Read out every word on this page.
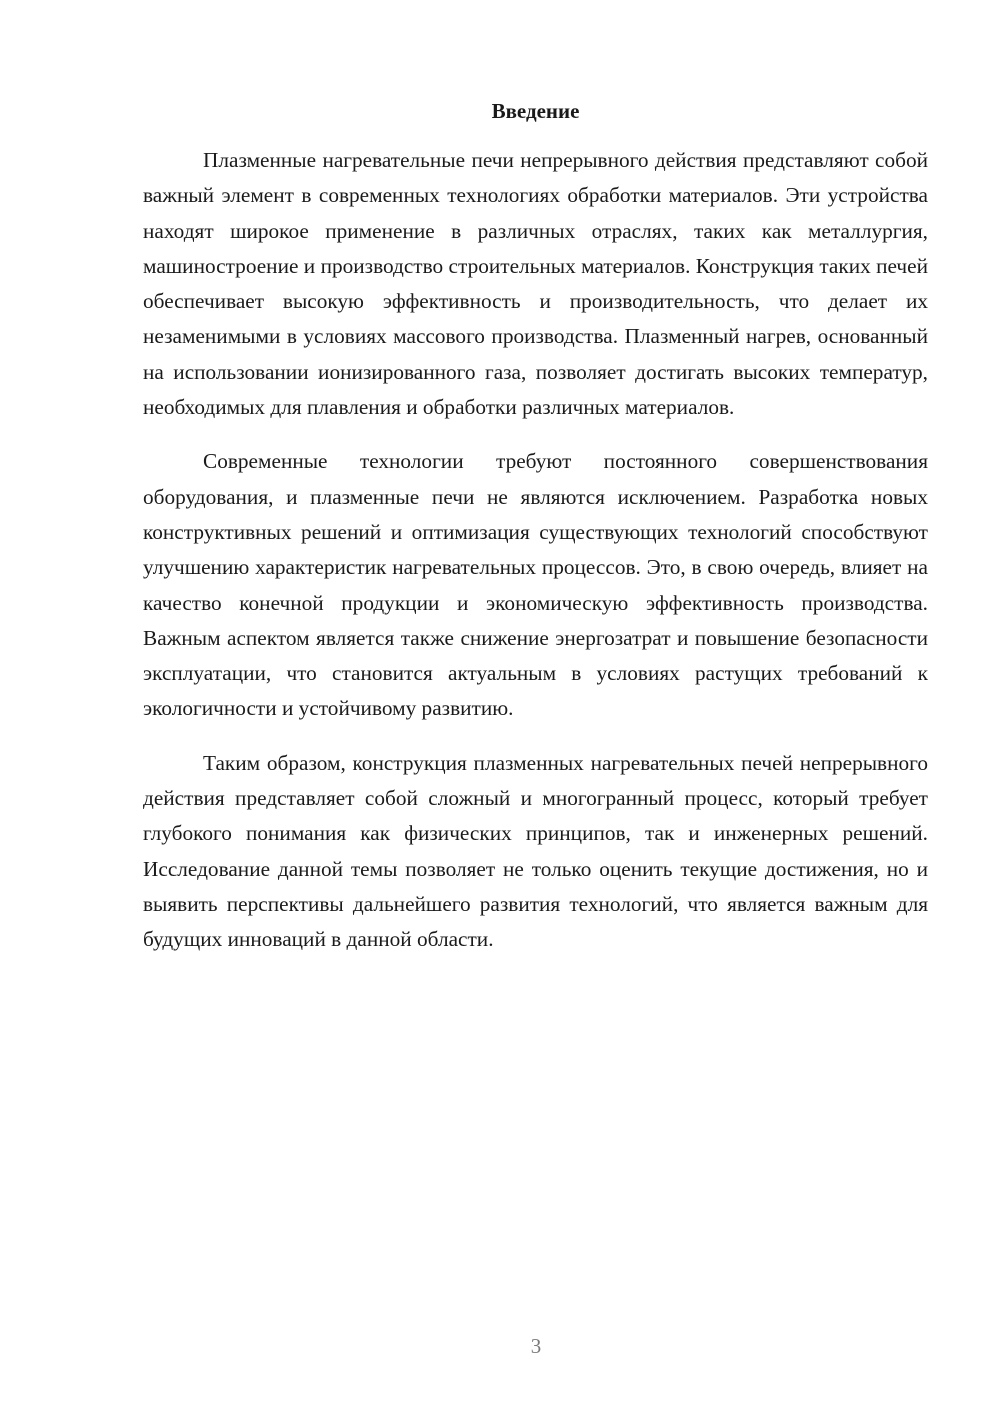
Введение

Плазменные нагревательные печи непрерывного действия представляют собой важный элемент в современных технологиях обработки материалов. Эти устройства находят широкое применение в различных отраслях, таких как металлургия, машиностроение и производство строительных материалов. Конструкция таких печей обеспечивает высокую эффективность и производительность, что делает их незаменимыми в условиях массового производства. Плазменный нагрев, основанный на использовании ионизированного газа, позволяет достигать высоких температур, необходимых для плавления и обработки различных материалов.

Современные технологии требуют постоянного совершенствования оборудования, и плазменные печи не являются исключением. Разработка новых конструктивных решений и оптимизация существующих технологий способствуют улучшению характеристик нагревательных процессов. Это, в свою очередь, влияет на качество конечной продукции и экономическую эффективность производства. Важным аспектом является также снижение энергозатрат и повышение безопасности эксплуатации, что становится актуальным в условиях растущих требований к экологичности и устойчивому развитию.

Таким образом, конструкция плазменных нагревательных печей непрерывного действия представляет собой сложный и многогранный процесс, который требует глубокого понимания как физических принципов, так и инженерных решений. Исследование данной темы позволяет не только оценить текущие достижения, но и выявить перспективы дальнейшего развития технологий, что является важным для будущих инноваций в данной области.

3
